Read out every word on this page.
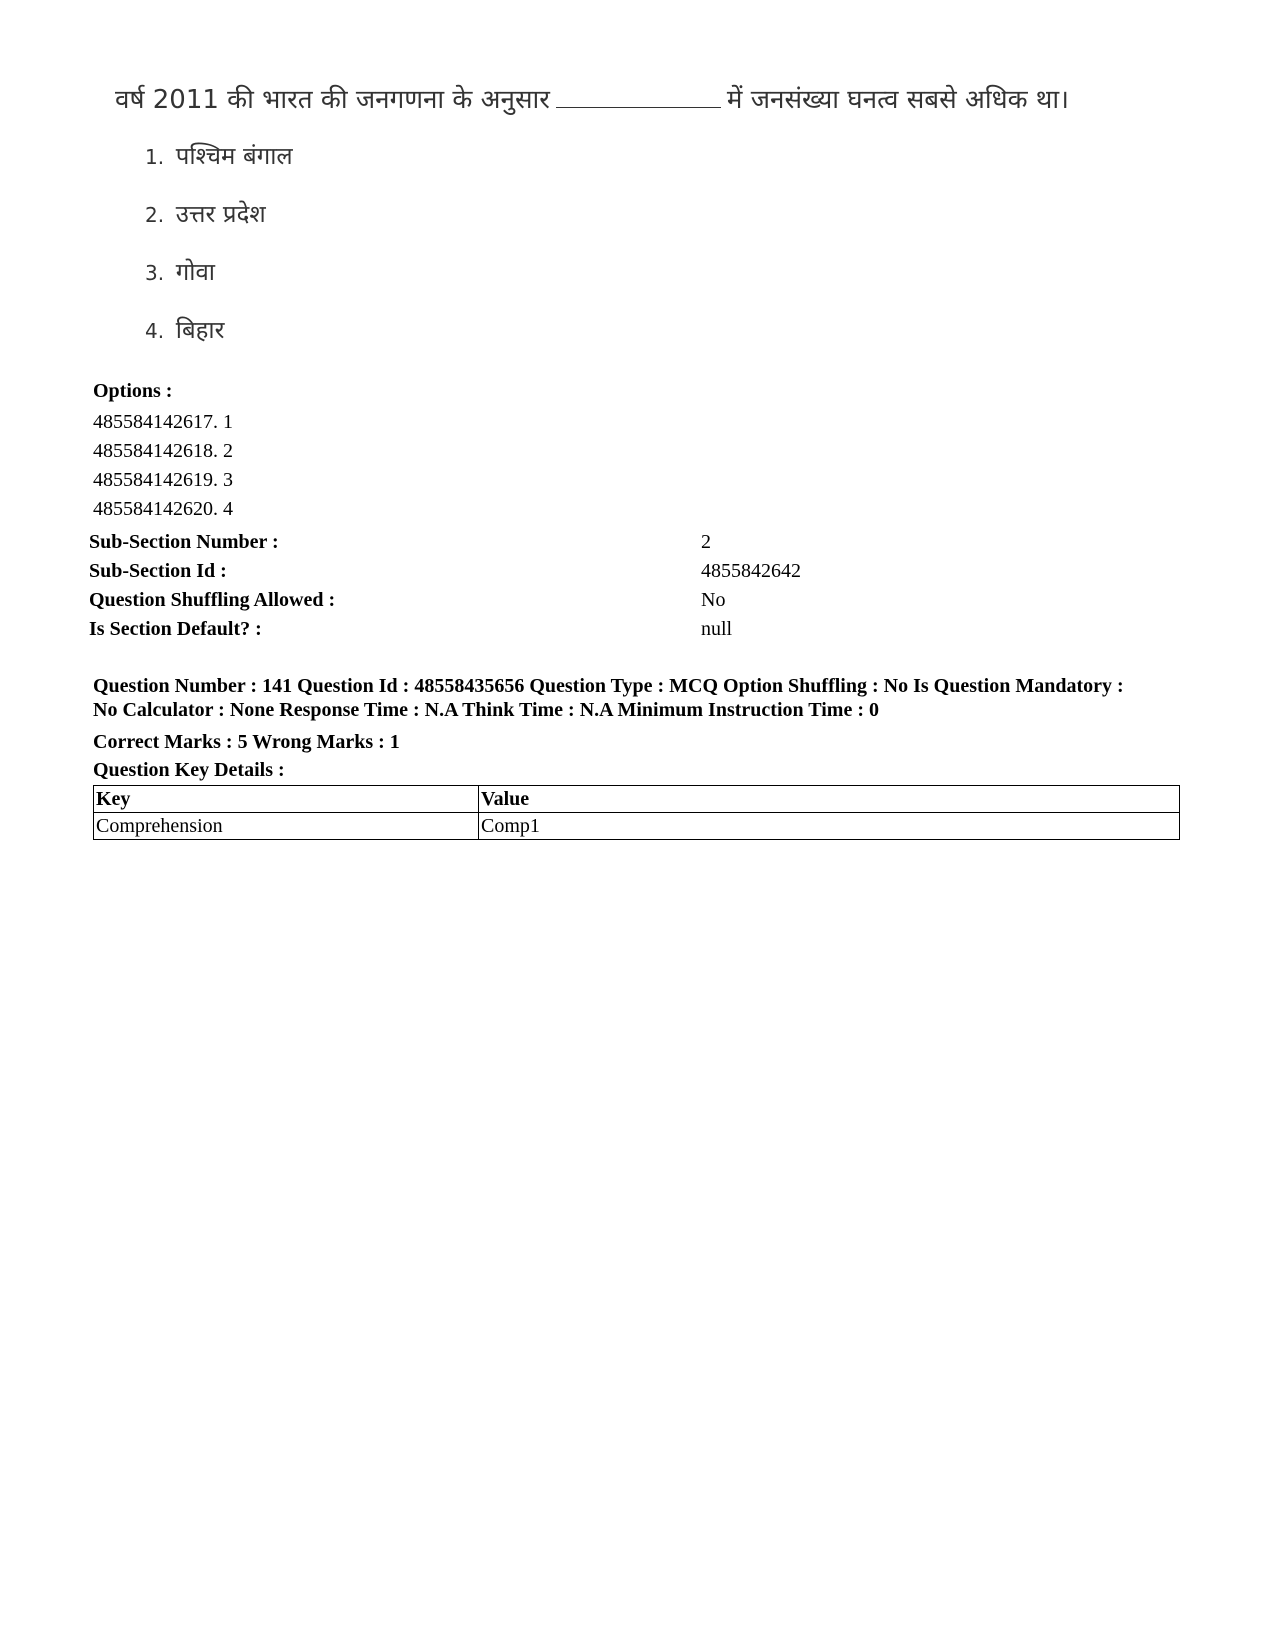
वर्ष 2011 की भारत की जनगणना के अनुसार	में जनसंख्या घनत्व सबसे अधिक था।
1. पश्चिम बंगाल
2. उत्तर प्रदेश
3. गोवा
4. बिहार
Options :
485584142617. 1
485584142618. 2
485584142619. 3
485584142620. 4
Sub-Section Number :	2
Sub-Section Id :	4855842642
Question Shuffling Allowed :	No
Is Section Default? :	null
Question Number : 141 Question Id : 48558435656 Question Type : MCQ Option Shuffling : No Is Question Mandatory :
No Calculator : None Response Time : N.A Think Time : N.A Minimum Instruction Time : 0
Correct Marks : 5 Wrong Marks : 1
Question Key Details :
Key	Value
Comprehension	Comp1
